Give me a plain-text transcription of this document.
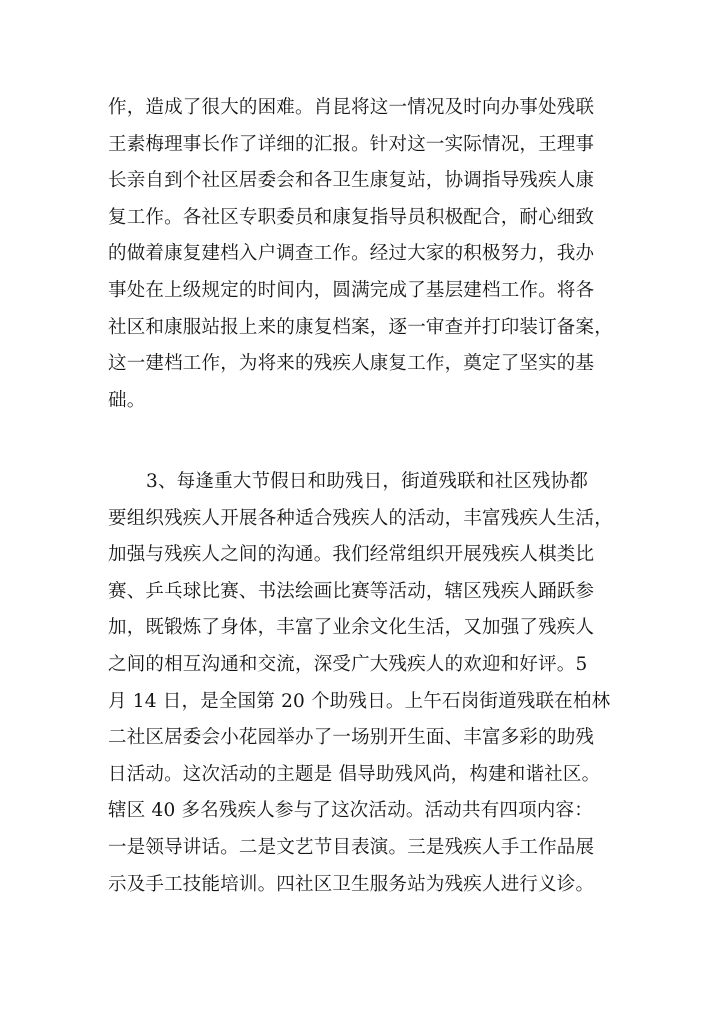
作，造成了很大的困难。肖昆将这一情况及时向办事处残联
王素梅理事长作了详细的汇报。针对这一实际情况，王理事
长亲自到个社区居委会和各卫生康复站，协调指导残疾人康
复工作。各社区专职委员和康复指导员积极配合，耐心细致
的做着康复建档入户调查工作。经过大家的积极努力，我办
事处在上级规定的时间内，圆满完成了基层建档工作。将各
社区和康服站报上来的康复档案，逐一审查并打印装订备案，
这一建档工作，为将来的残疾人康复工作，奠定了坚实的基
础。
3、每逢重大节假日和助残日，街道残联和社区残协都
要组织残疾人开展各种适合残疾人的活动，丰富残疾人生活，
加强与残疾人之间的沟通。我们经常组织开展残疾人棋类比
赛、乒乓球比赛、书法绘画比赛等活动，辖区残疾人踊跃参
加，既锻炼了身体，丰富了业余文化生活，又加强了残疾人
之间的相互沟通和交流，深受广大残疾人的欢迎和好评。5
月 14 日，是全国第 20 个助残日。上午石岗街道残联在柏林
二社区居委会小花园举办了一场别开生面、丰富多彩的助残
日活动。这次活动的主题是 倡导助残风尚，构建和谐社区。
辖区 40 多名残疾人参与了这次活动。活动共有四项内容：
一是领导讲话。二是文艺节目表演。三是残疾人手工作品展
示及手工技能培训。四社区卫生服务站为残疾人进行义诊。
